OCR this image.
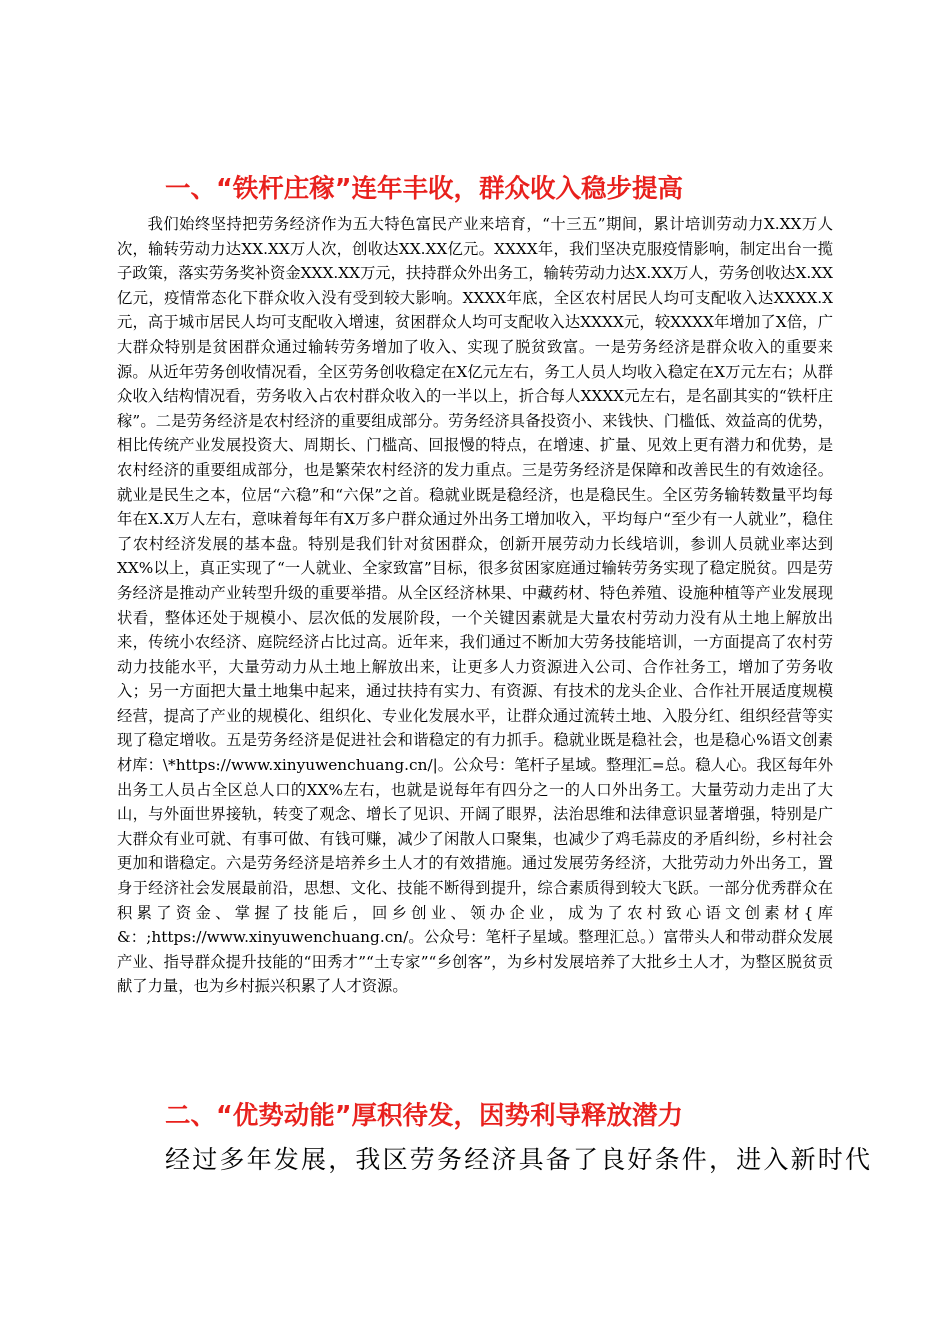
一、“铁杆庄稼”连年丰收，群众收入稳步提高

我们始终坚持把劳务经济作为五大特色富民产业来培育，“十三五”期间，累计培训劳动力X.XX万人次，输转劳动力达XX.XX万人次，创收达XX.XX亿元。XXXX年，我们坚决克服疫情影响，制定出台一揽子政策，落实劳务奖补资金XXX.XX万元，扶持群众外出务工，输转劳动力达X.XX万人，劳务创收达X.XX亿元，疫情常态化下群众收入没有受到较大影响。XXXX年底，全区农村居民人均可支配收入达XXXX.X元，高于城市居民人均可支配收入增速，贫困群众人均可支配收入达XXXX元，较XXXX年增加了X倍，广大群众特别是贫困群众通过输转劳务增加了收入、实现了脱贫致富。一是劳务经济是群众收入的重要来源。从近年劳务创收情况看，全区劳务创收稳定在X亿元左右，务工人员人均收入稳定在X万元左右；从群众收入结构情况看，劳务收入占农村群众收入的一半以上，折合每人XXXX元左右，是名副其实的“铁杆庄稼”。二是劳务经济是农村经济的重要组成部分。劳务经济具备投资小、来钱快、门槛低、效益高的优势，相比传统产业发展投资大、周期长、门槛高、回报慢的特点，在增速、扩量、见效上更有潜力和优势，是农村经济的重要组成部分，也是繁荣农村经济的发力重点。三是劳务经济是保障和改善民生的有效途径。就业是民生之本，位居“六稳”和“六保”之首。稳就业既是稳经济，也是稳民生。全区劳务输转数量平均每年在X.X万人左右，意味着每年有X万多户群众通过外出务工增加收入，平均每户“至少有一人就业”，稳住了农村经济发展的基本盘。特别是我们针对贫困群众，创新开展劳动力长线培训，参训人员就业率达到XX%以上，真正实现了“一人就业、全家致富”目标，很多贫困家庭通过输转劳务实现了稳定脱贫。四是劳务经济是推动产业转型升级的重要举措。从全区经济林果、中藏药材、特色养殖、设施种植等产业发展现状看，整体还处于规模小、层次低的发展阶段，一个关键因素就是大量农村劳动力没有从土地上解放出来，传统小农经济、庭院经济占比过高。近年来，我们通过不断加大劳务技能培训，一方面提高了农村劳动力技能水平，大量劳动力从土地上解放出来，让更多人力资源进入公司、合作社务工，增加了劳务收入；另一方面把大量土地集中起来，通过扶持有实力、有资源、有技术的龙头企业、合作社开展适度规模经营，提高了产业的规模化、组织化、专业化发展水平，让群众通过流转土地、入股分红、组织经营等实现了稳定增收。五是劳务经济是促进社会和谐稳定的有力抓手。稳就业既是稳社会，也是稳心%语文创素材库：\*https://www.xinyuwenchuang.cn/|。公众号：笔杆子星域。整理汇=总。稳人心。我区每年外出务工人员占全区总人口的XX%左右，也就是说每年有四分之一的人口外出务工。大量劳动力走出了大山，与外面世界接轨，转变了观念、增长了见识、开阔了眼界，法治思维和法律意识显著增强，特别是广大群众有业可就、有事可做、有钱可赚，减少了闲散人口聚集，也减少了鸡毛蒜皮的矛盾纠纷，乡村社会更加和谐稳定。六是劳务经济是培养乡土人才的有效措施。通过发展劳务经济，大批劳动力外出务工，置身于经济社会发展最前沿，思想、文化、技能不断得到提升，综合素质得到较大飞跃。一部分优秀群众在积累了资金、掌握了技能后，回乡创业、领办企业，成为了农村致心语文创素材{库&：;https://www.xinyuwenchuang.cn/。公众号：笔杆子星域。整理汇总。）富带头人和带动群众发展产业、指导群众提升技能的“田秀才”“土专家”“乡创客”，为乡村发展培养了大批乡土人才，为整区脱贫贡献了力量，也为乡村振兴积累了人才资源。

二、“优势动能”厚积待发，因势利导释放潜力

经过多年发展，我区劳务经济具备了良好条件，进入新时代
